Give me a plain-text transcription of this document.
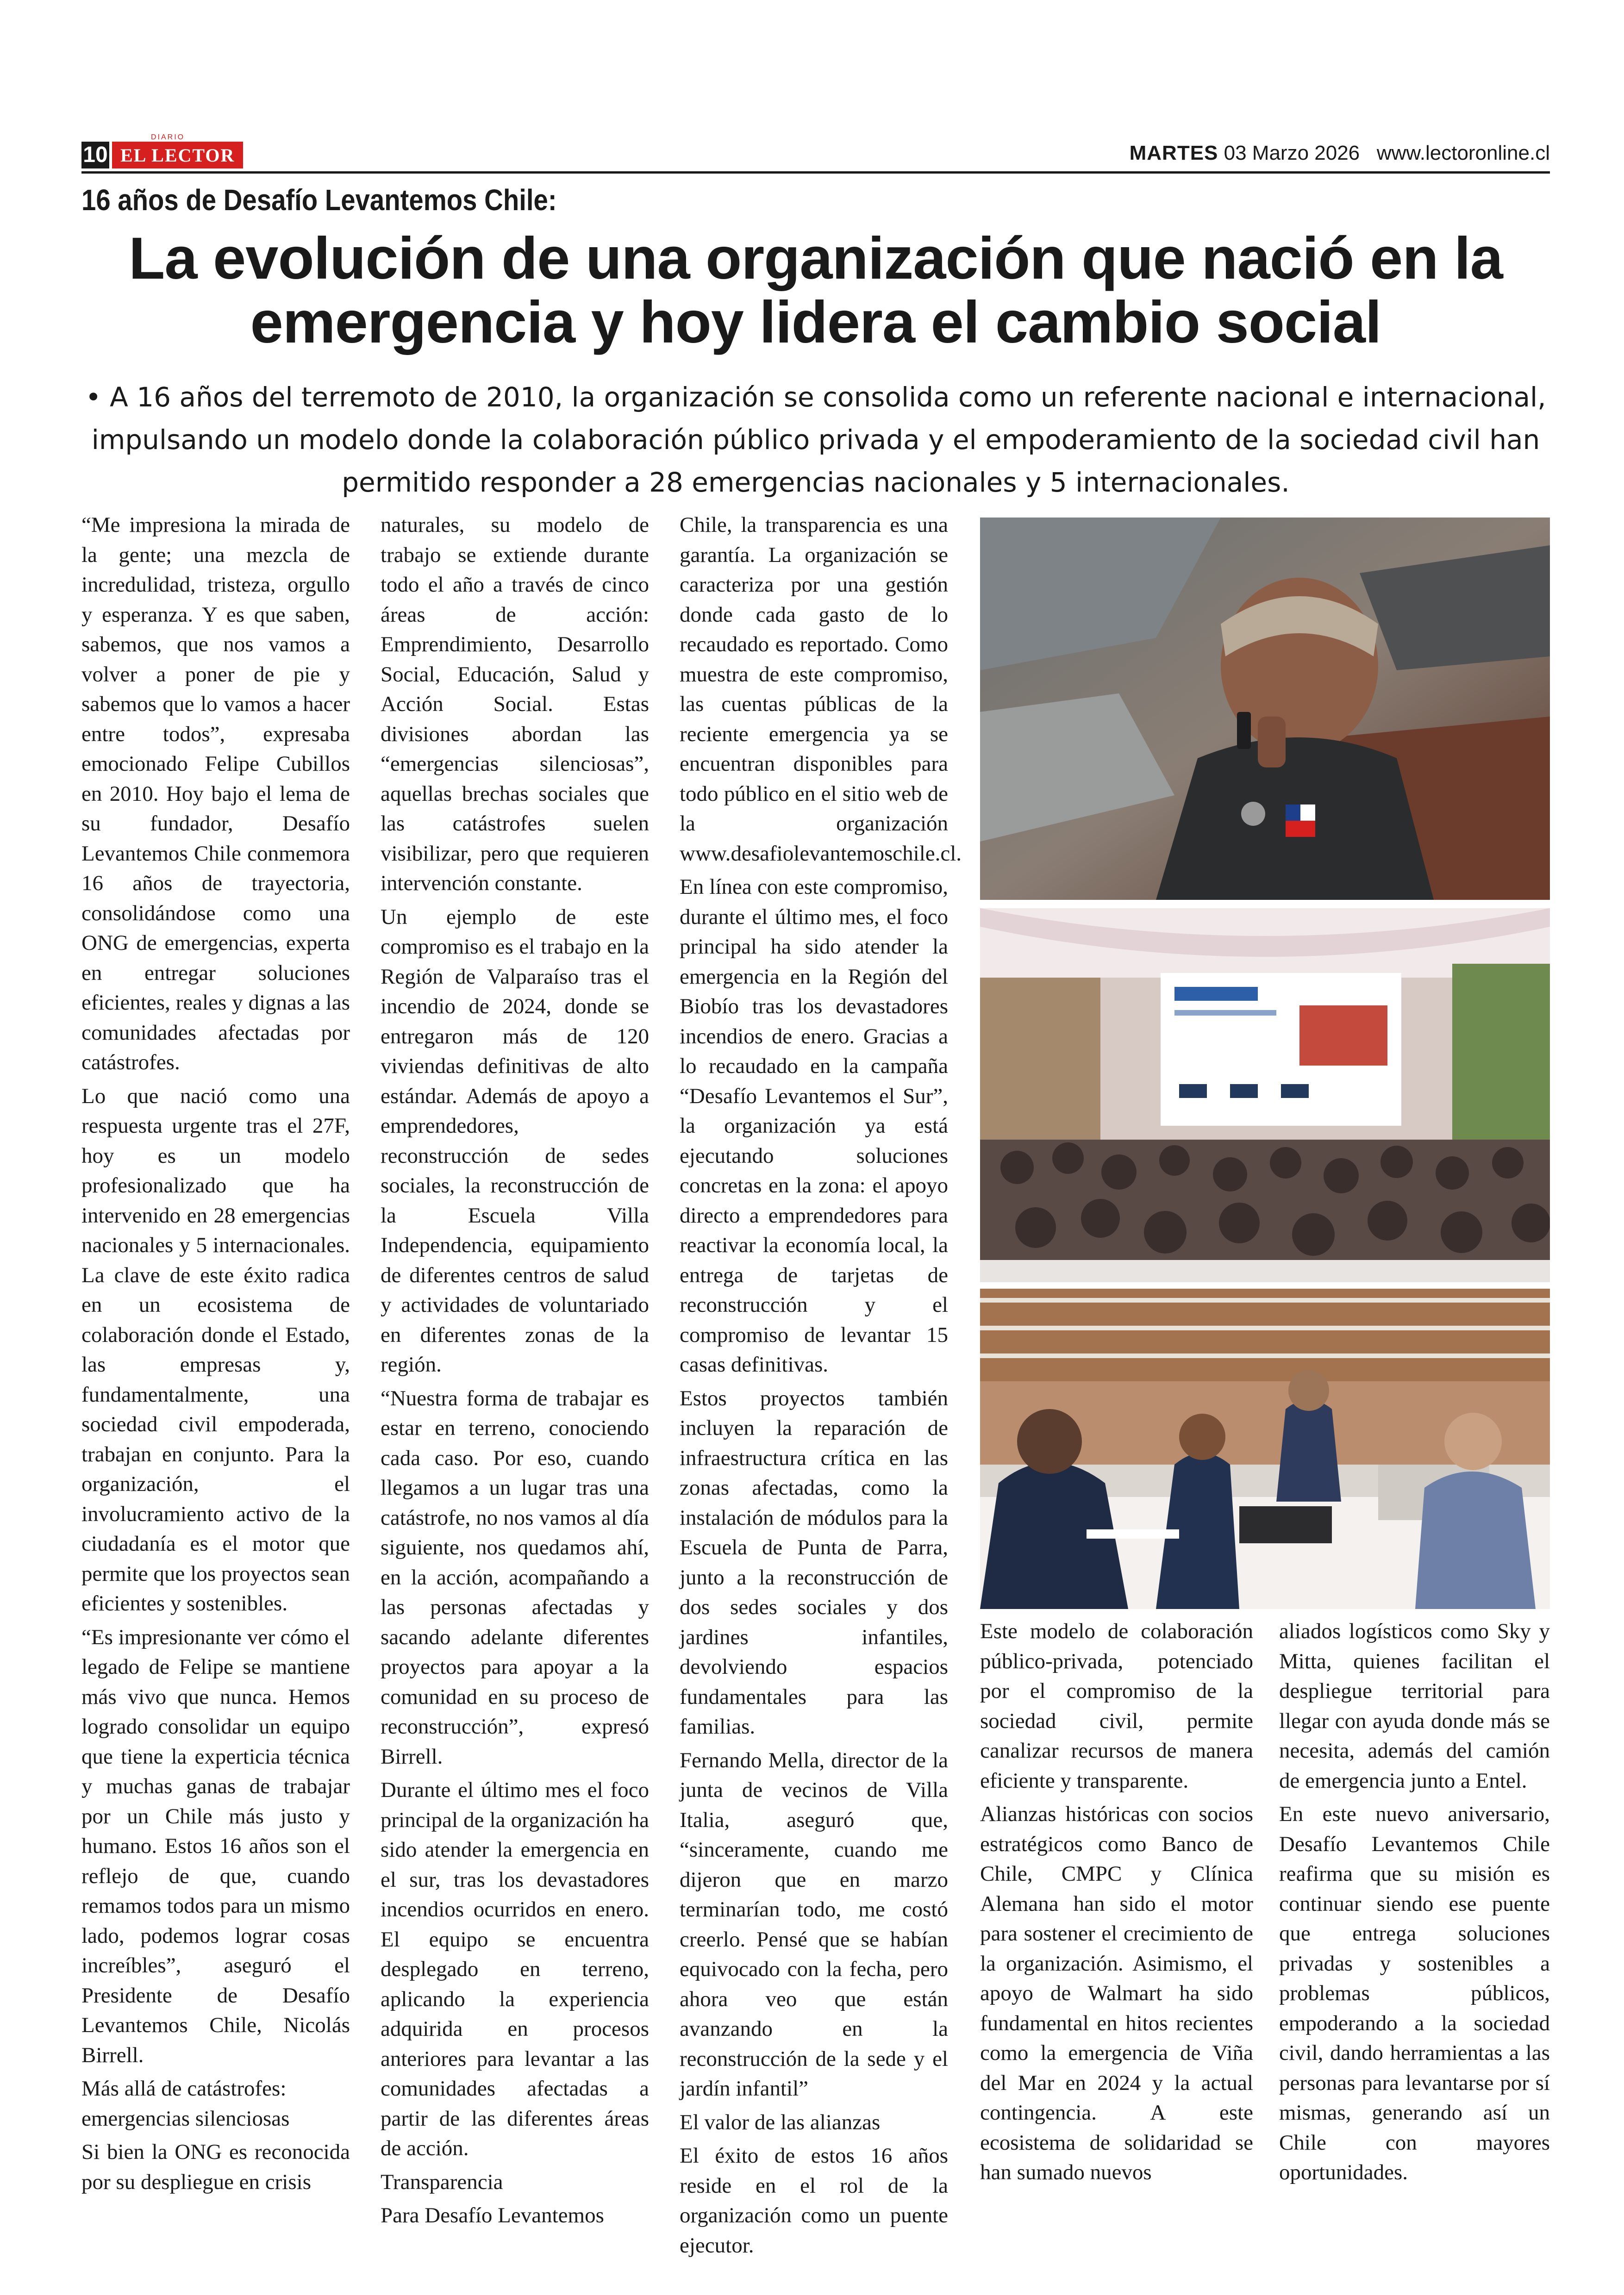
10
DIARIO
EL LECTOR	MARTES 03 Marzo 2026 www.lectoronline.cl
16 años de Desafío Levantemos Chile:
La evolución de una organización que nació en la
emergencia y hoy lidera el cambio social
• A 16 años del terremoto de 2010, la organización se consolida como un referente nacional e internacional,
impulsando un modelo donde la colaboración público privada y el empoderamiento de la sociedad civil han
permitido responder a 28 emergencias nacionales y 5 internacionales.

“Me impresiona la mirada de la gente; una mezcla de incredulidad, tristeza, orgullo y esperanza. Y es que saben, sabemos, que nos vamos a volver a poner de pie y sabemos que lo vamos a hacer entre todos”, expresaba emocionado Felipe Cubillos en 2010. Hoy bajo el lema de su fundador, Desafío Levantemos Chile conmemora 16 años de trayectoria, consolidándose como una ONG de emergencias, experta en entregar soluciones eficientes, reales y dignas a las comunidades afectadas por catástrofes.

Lo que nació como una respuesta urgente tras el 27F, hoy es un modelo profesionalizado que ha intervenido en 28 emergencias nacionales y 5 internacionales. La clave de este éxito radica en un ecosistema de colaboración donde el Estado, las empresas y, fundamentalmente, una sociedad civil empoderada, trabajan en conjunto. Para la organización, el involucramiento activo de la ciudadanía es el motor que permite que los proyectos sean eficientes y sostenibles.

“Es impresionante ver cómo el legado de Felipe se mantiene más vivo que nunca. Hemos logrado consolidar un equipo que tiene la experticia técnica y muchas ganas de trabajar por un Chile más justo y humano. Estos 16 años son el reflejo de que, cuando remamos todos para un mismo lado, podemos lograr cosas increíbles”, aseguró el Presidente de Desafío Levantemos Chile, Nicolás Birrell.

Más allá de catástrofes: emergencias silenciosas

Si bien la ONG es reconocida por su despliegue en crisis

naturales, su modelo de trabajo se extiende durante todo el año a través de cinco áreas de acción: Emprendimiento, Desarrollo Social, Educación, Salud y Acción Social. Estas divisiones abordan las “emergencias silenciosas”, aquellas brechas sociales que las catástrofes suelen visibilizar, pero que requieren intervención constante.

Un ejemplo de este compromiso es el trabajo en la Región de Valparaíso tras el incendio de 2024, donde se entregaron más de 120 viviendas definitivas de alto estándar. Además de apoyo a emprendedores, reconstrucción de sedes sociales, la reconstrucción de la Escuela Villa Independencia, equipamiento de diferentes centros de salud y actividades de voluntariado en diferentes zonas de la región.

“Nuestra forma de trabajar es estar en terreno, conociendo cada caso. Por eso, cuando llegamos a un lugar tras una catástrofe, no nos vamos al día siguiente, nos quedamos ahí, en la acción, acompañando a las personas afectadas y sacando adelante diferentes proyectos para apoyar a la comunidad en su proceso de reconstrucción”, expresó Birrell.

Durante el último mes el foco principal de la organización ha sido atender la emergencia en el sur, tras los devastadores incendios ocurridos en enero. El equipo se encuentra desplegado en terreno, aplicando la experiencia adquirida en procesos anteriores para levantar a las comunidades afectadas a partir de las diferentes áreas de acción.

Transparencia

Para Desafío Levantemos

Chile, la transparencia es una garantía. La organización se caracteriza por una gestión donde cada gasto de lo recaudado es reportado. Como muestra de este compromiso, las cuentas públicas de la reciente emergencia ya se encuentran disponibles para todo público en el sitio web de la organización www.desafiolevantemoschile.cl.

En línea con este compromiso, durante el último mes, el foco principal ha sido atender la emergencia en la Región del Biobío tras los devastadores incendios de enero. Gracias a lo recaudado en la campaña “Desafío Levantemos el Sur”, la organización ya está ejecutando soluciones concretas en la zona: el apoyo directo a emprendedores para reactivar la economía local, la entrega de tarjetas de reconstrucción y el compromiso de levantar 15 casas definitivas.

Estos proyectos también incluyen la reparación de infraestructura crítica en las zonas afectadas, como la instalación de módulos para la Escuela de Punta de Parra, junto a la reconstrucción de dos sedes sociales y dos jardines infantiles, devolviendo espacios fundamentales para las familias.

Fernando Mella, director de la junta de vecinos de Villa Italia, aseguró que, “sinceramente, cuando me dijeron que en marzo terminarían todo, me costó creerlo. Pensé que se habían equivocado con la fecha, pero ahora veo que están avanzando en la reconstrucción de la sede y el jardín infantil”

El valor de las alianzas

El éxito de estos 16 años reside en el rol de la organización como un puente ejecutor.

Este modelo de colaboración público-privada, potenciado por el compromiso de la sociedad civil, permite canalizar recursos de manera eficiente y transparente.

Alianzas históricas con socios estratégicos como Banco de Chile, CMPC y Clínica Alemana han sido el motor para sostener el crecimiento de la organización. Asimismo, el apoyo de Walmart ha sido fundamental en hitos recientes como la emergencia de Viña del Mar en 2024 y la actual contingencia. A este ecosistema de solidaridad se han sumado nuevos

aliados logísticos como Sky y Mitta, quienes facilitan el despliegue territorial para llegar con ayuda donde más se necesita, además del camión de emergencia junto a Entel.

En este nuevo aniversario, Desafío Levantemos Chile reafirma que su misión es continuar siendo ese puente que entrega soluciones privadas y sostenibles a problemas públicos, empoderando a la sociedad civil, dando herramientas a las personas para levantarse por sí mismas, generando así un Chile con mayores oportunidades.
